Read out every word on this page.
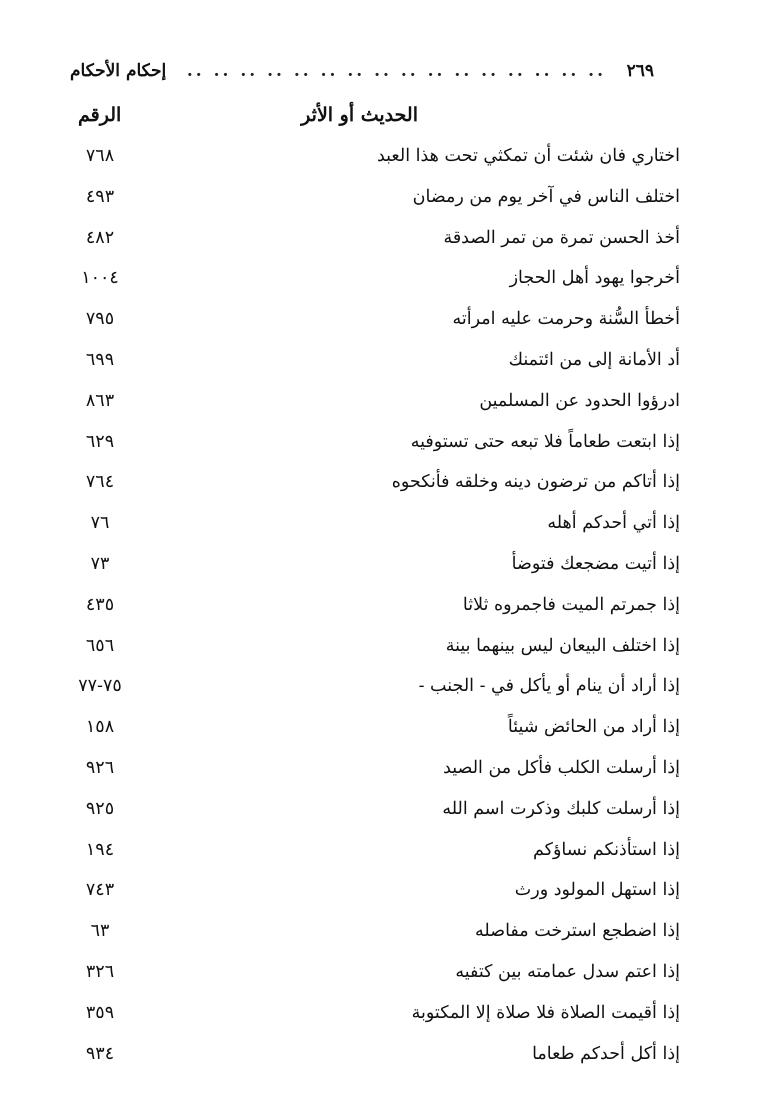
٢٦٩
.. .. .. .. .. .. .. .. .. .. .. .. .. .. .. ..
إحكام الأحكام
الحديث أو الأثر
الرقم
اختاري فان شئت أن تمكثي تحت هذا العبد
٧٦٨
اختلف الناس في آخر يوم من رمضان
٤٩٣
أخذ الحسن تمرة من تمر الصدقة
٤٨٢
أخرجوا يهود أهل الحجاز
١٠٠٤
أخطأ السُّنة وحرمت عليه امرأته
٧٩٥
أد الأمانة إلى من ائتمنك
٦٩٩
ادرؤوا الحدود عن المسلمين
٨٦٣
إذا ابتعت طعاماً فلا تبعه حتى تستوفيه
٦٢٩
إذا أتاكم من ترضون دينه وخلقه فأنكحوه
٧٦٤
إذا أتي أحدكم أهله
٧٦
إذا أتيت مضجعك فتوضأ
٧٣
إذا جمرتم الميت فاجمروه ثلاثا
٤٣٥
إذا اختلف البيعان ليس بينهما بينة
٦٥٦
إذا أراد أن ينام أو يأكل في - الجنب -
٧٥-٧٧
إذا أراد من الحائض شيئاً
١٥٨
إذا أرسلت الكلب فأكل من الصيد
٩٢٦
إذا أرسلت كلبك وذكرت اسم الله
٩٢٥
إذا استأذنكم نساؤكم
١٩٤
إذا استهل المولود ورث
٧٤٣
إذا اضطجع استرخت مفاصله
٦٣
إذا اعتم سدل عمامته بين كتفيه
٣٢٦
إذا أقيمت الصلاة فلا صلاة إلا المكتوبة
٣٥٩
إذا أكل أحدكم طعاما
٩٣٤
